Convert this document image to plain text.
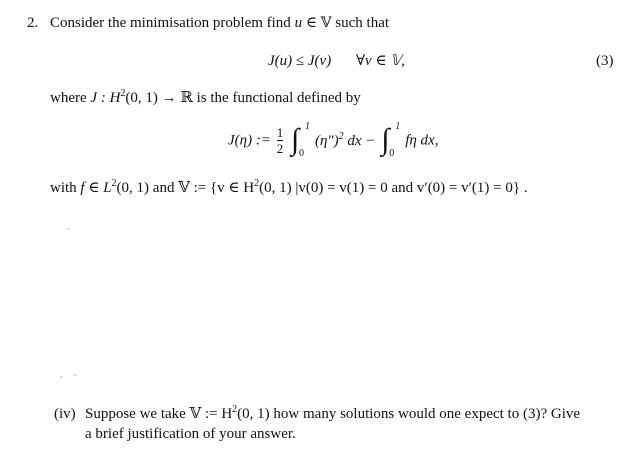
2. Consider the minimisation problem find u ∈ 𝕍 such that
J(u) ≤ J(v) ∀v ∈ 𝕍,	(3)
where J : $H^2(0$, 1) → ℝ is the functional defined by
J(η) := $\frac{1}{2}$ ∫ 1
0
$(\eta'')^2$ dx − ∫ 1
0
fη dx,
with f ∈ $L^2(0$, 1) and 𝕍 := {v ∈ $H^2(0$, 1) |v(0) = v(1) = 0 and v′(0) = v′(1) = 0} .
(iv) Suppose we take 𝕍 := $H^2(0$, 1) how many solutions would one expect to (3)? Give
a brief justification of your answer.
